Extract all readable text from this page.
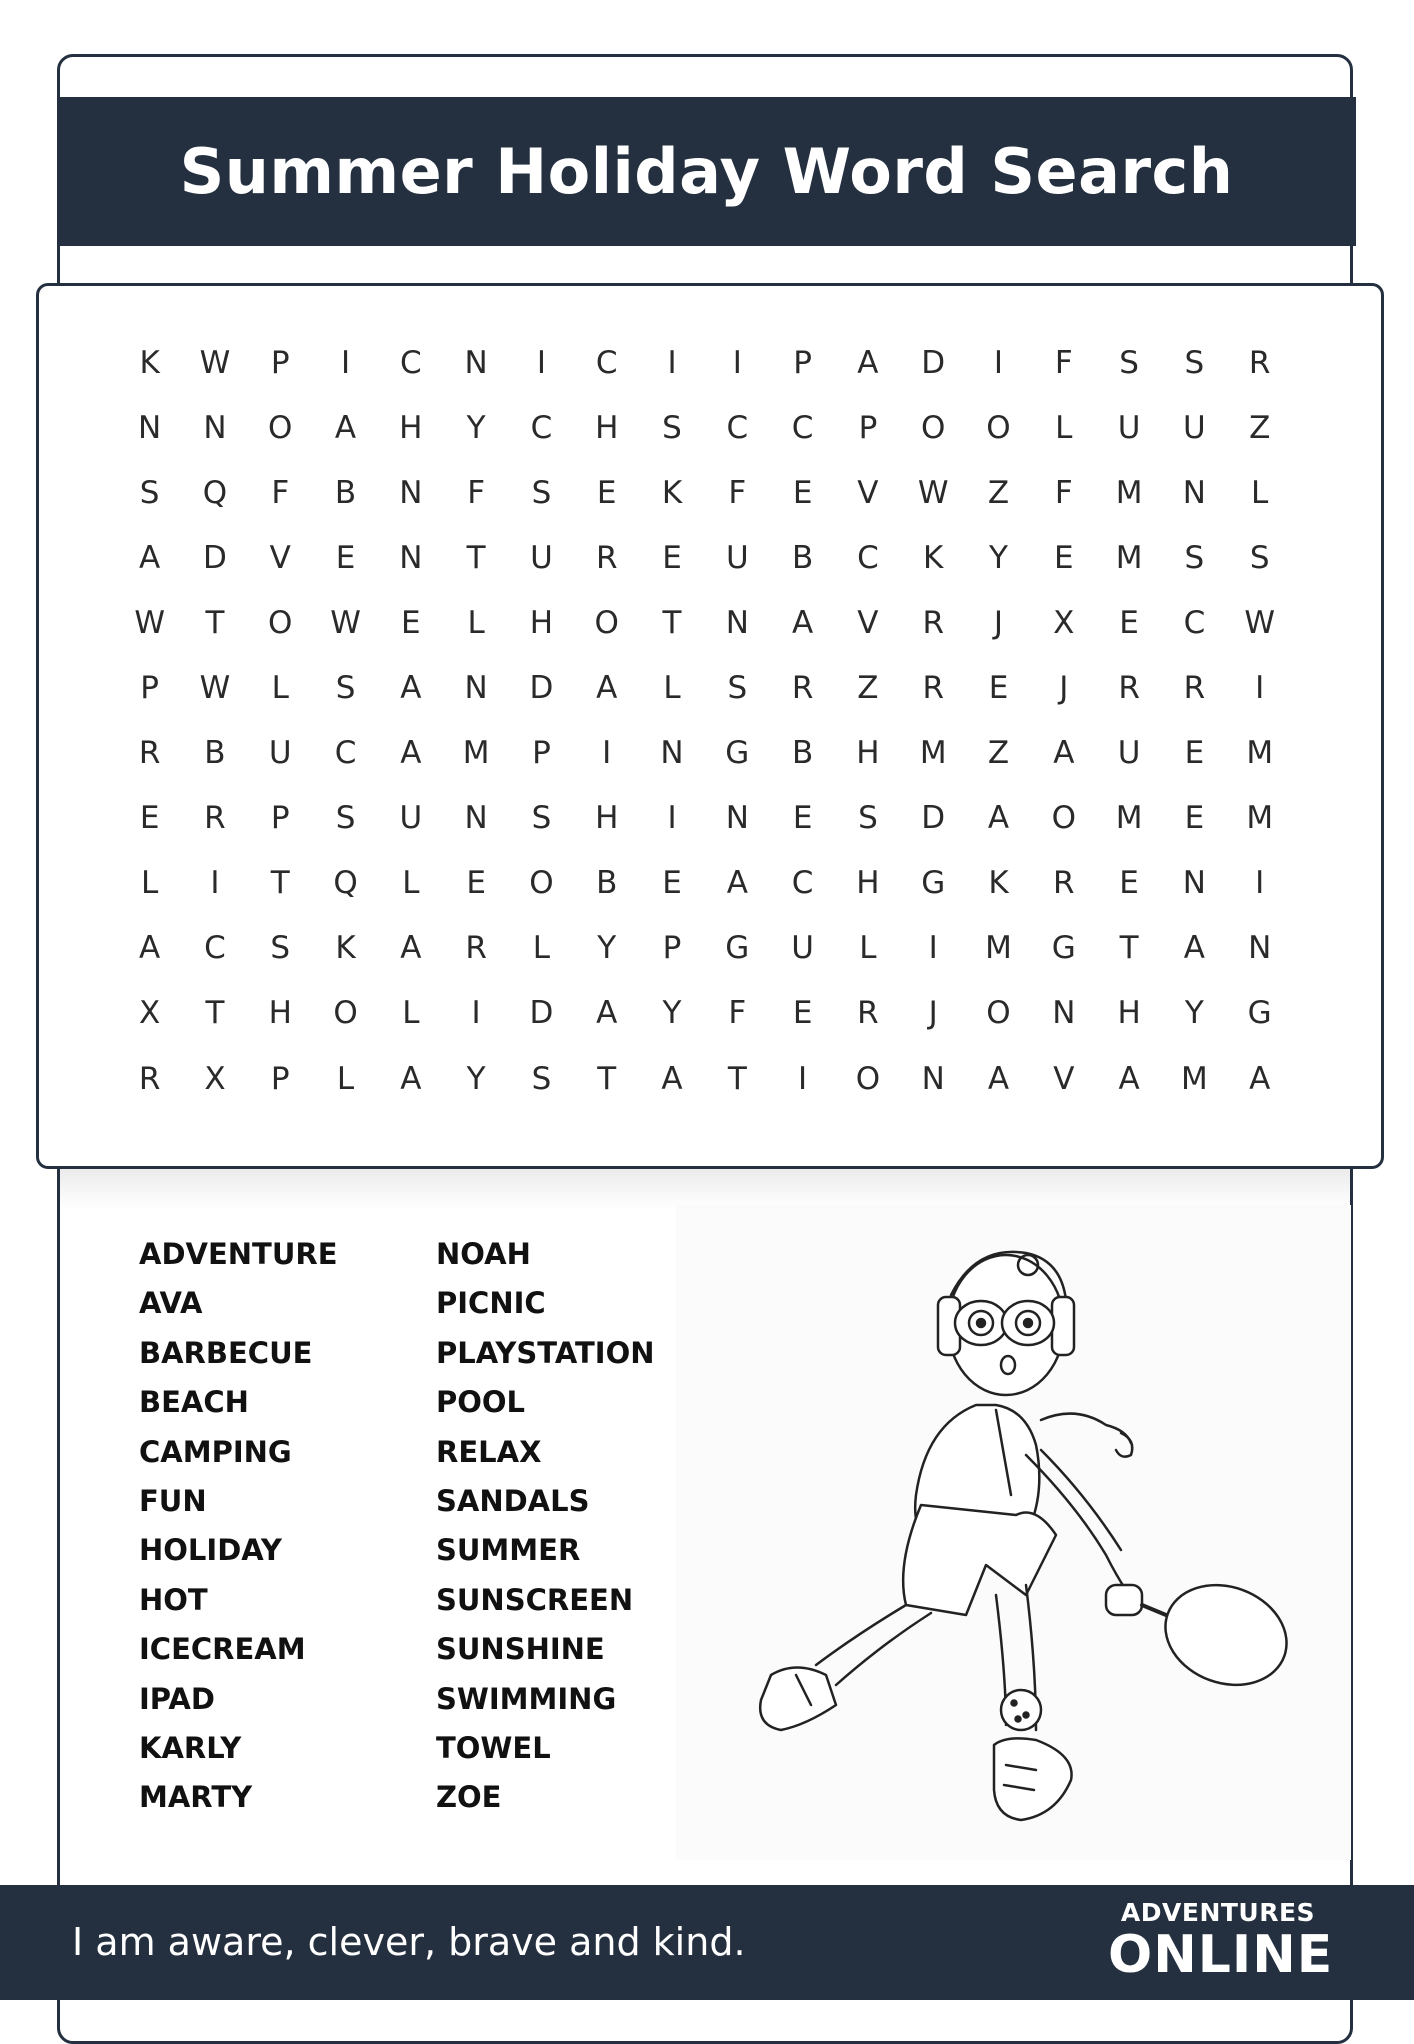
Summer Holiday Word Search
K	W	P	I	C	N	I	C	I	I	P	A	D	I	F	S	S	R
N	N	O	A	H	Y	C	H	S	C	C	P	O	O	L	U	U	Z
S	Q	F	B	N	F	S	E	K	F	E	V	W	Z	F	M	N	L
A	D	V	E	N	T	U	R	E	U	B	C	K	Y	E	M	S	S
W	T	O	W	E	L	H	O	T	N	A	V	R	J	X	E	C	W
P	W	L	S	A	N	D	A	L	S	R	Z	R	E	J	R	R	I
R	B	U	C	A	M	P	I	N	G	B	H	M	Z	A	U	E	M
E	R	P	S	U	N	S	H	I	N	E	S	D	A	O	M	E	M
L	I	T	Q	L	E	O	B	E	A	C	H	G	K	R	E	N	I
A	C	S	K	A	R	L	Y	P	G	U	L	I	M	G	T	A	N
X	T	H	O	L	I	D	A	Y	F	E	R	J	O	N	H	Y	G
R	X	P	L	A	Y	S	T	A	T	I	O	N	A	V	A	M	A
ADVENTURE
AVA
BARBECUE
BEACH
CAMPING
FUN
HOLIDAY
HOT
ICECREAM
IPAD
KARLY
MARTY
NOAH
PICNIC
PLAYSTATION
POOL
RELAX
SANDALS
SUMMER
SUNSCREEN
SUNSHINE
SWIMMING
TOWEL
ZOE
I am aware, clever, brave and kind.
ADVENTURES
ONLINE
